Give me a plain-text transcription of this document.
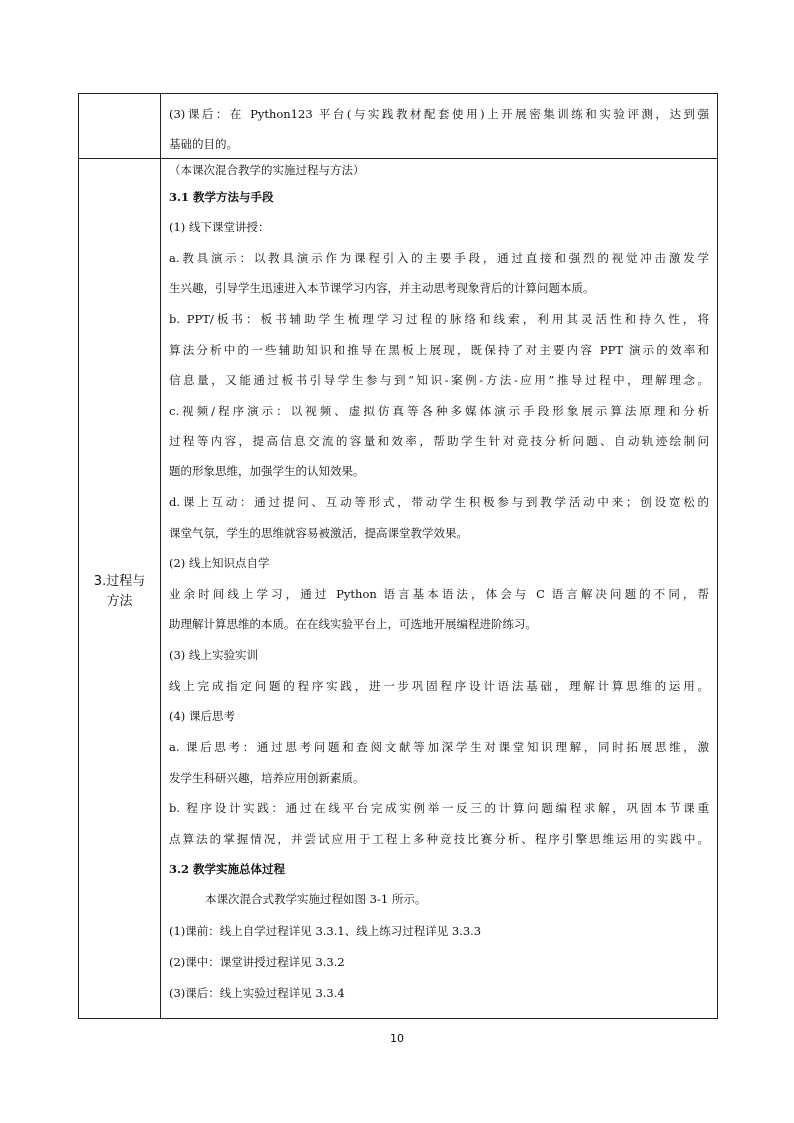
(3)课后：在 Python123 平台(与实践教材配套使用)上开展密集训练和实验评测，达到强
基础的目的。
3.过程与
方法
（本课次混合教学的实施过程与方法）
3.1 教学方法与手段
(1) 线下课堂讲授：
a.教具演示：以教具演示作为课程引入的主要手段，通过直接和强烈的视觉冲击激发学
生兴趣，引导学生迅速进入本节课学习内容，并主动思考现象背后的计算问题本质。
b. PPT/板书：板书辅助学生梳理学习过程的脉络和线索，利用其灵活性和持久性，将
算法分析中的一些辅助知识和推导在黑板上展现，既保持了对主要内容 PPT 演示的效率和
信息量，又能通过板书引导学生参与到“知识-案例-方法-应用”推导过程中，理解理念。
c.视频/程序演示：以视频、虚拟仿真等各种多媒体演示手段形象展示算法原理和分析
过程等内容，提高信息交流的容量和效率，帮助学生针对竞技分析问题、自动轨迹绘制问
题的形象思维，加强学生的认知效果。
d.课上互动：通过提问、互动等形式，带动学生积极参与到教学活动中来；创设宽松的
课堂气氛，学生的思维就容易被激活，提高课堂教学效果。
(2) 线上知识点自学
业余时间线上学习，通过 Python 语言基本语法，体会与 C 语言解决问题的不同，帮
助理解计算思维的本质。在在线实验平台上，可选地开展编程进阶练习。
(3) 线上实验实训
线上完成指定问题的程序实践，进一步巩固程序设计语法基础，理解计算思维的运用。
(4) 课后思考
a. 课后思考：通过思考问题和查阅文献等加深学生对课堂知识理解，同时拓展思维，激
发学生科研兴趣，培养应用创新素质。
b. 程序设计实践：通过在线平台完成实例举一反三的计算问题编程求解，巩固本节课重
点算法的掌握情况，并尝试应用于工程上多种竞技比赛分析、程序引擎思维运用的实践中。
3.2 教学实施总体过程
本课次混合式教学实施过程如图 3-1 所示。
(1)课前：线上自学过程详见 3.3.1、线上练习过程详见 3.3.3
(2)课中：课堂讲授过程详见 3.3.2
(3)课后：线上实验过程详见 3.3.4
10
